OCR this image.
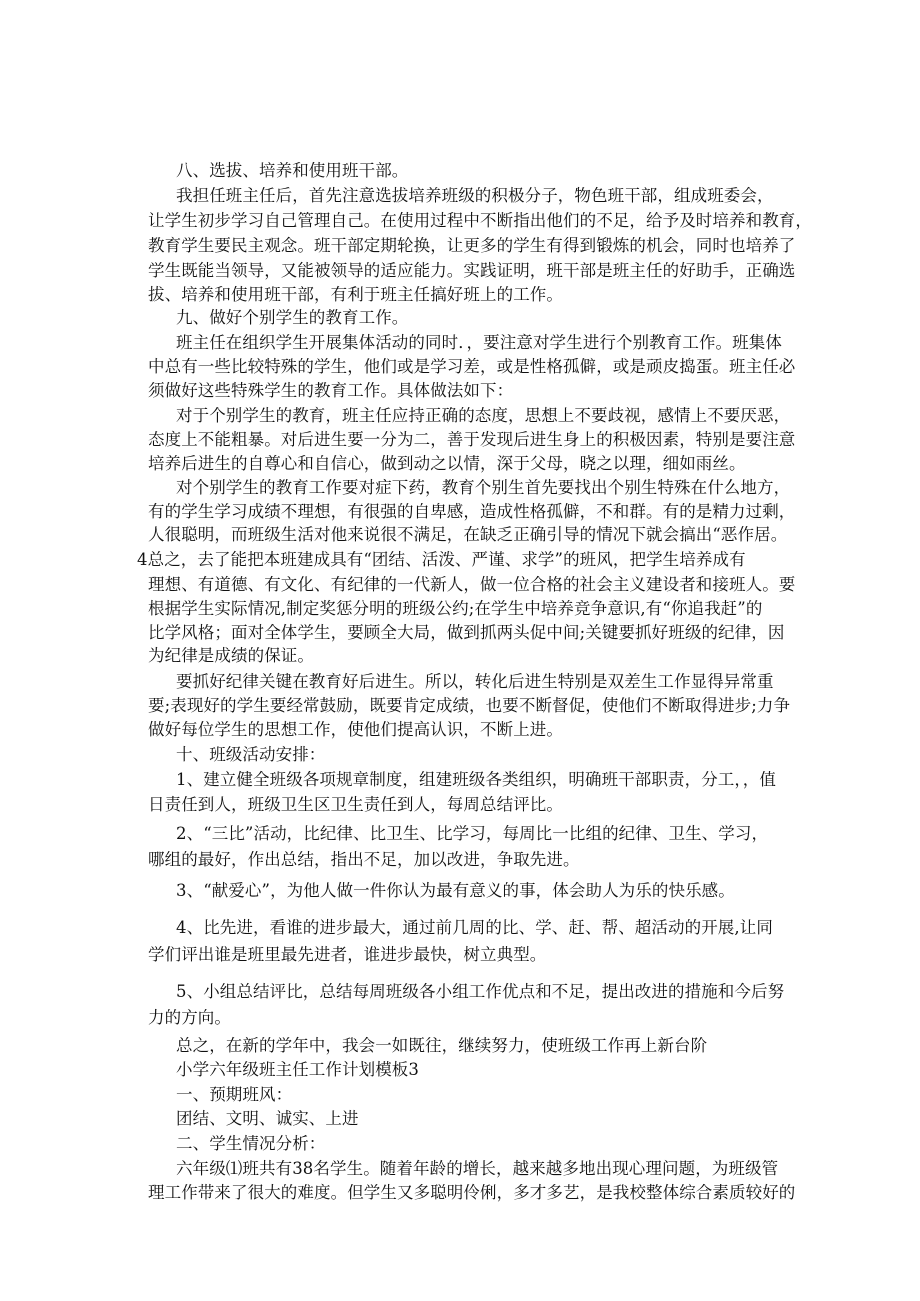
八、选拔、培养和使用班干部。
我担任班主任后，首先注意选拔培养班级的积极分子，物色班干部，组成班委会，
让学生初步学习自己管理自己。在使用过程中不断指出他们的不足，给予及时培养和教育，
教育学生要民主观念。班干部定期轮换，让更多的学生有得到锻炼的机会，同时也培养了
学生既能当领导，又能被领导的适应能力。实践证明，班干部是班主任的好助手，正确选
拔、培养和使用班干部，有利于班主任搞好班上的工作。
九、做好个别学生的教育工作。
班主任在组织学生开展集体活动的同时．，要注意对学生进行个别教育工作。班集体
中总有一些比较特殊的学生，他们或是学习差，或是性格孤僻，或是顽皮捣蛋。班主任必
须做好这些特殊学生的教育工作。具体做法如下：
对于个别学生的教育，班主任应持正确的态度，思想上不要歧视，感情上不要厌恶，
态度上不能粗暴。对后进生要一分为二，善于发现后进生身上的积极因素，特别是要注意
培养后进生的自尊心和自信心，做到动之以情，深于父母，晓之以理，细如雨丝。
对个别学生的教育工作要对症下药，教育个别生首先要找出个别生特殊在什么地方，
有的学生学习成绩不理想，有很强的自卑感，造成性格孤僻，不和群。有的是精力过剩，
人很聪明，而班级生活对他来说很不满足，在缺乏正确引导的情况下就会搞出“恶作居。
4总之，去了能把本班建成具有“团结、活泼、严谨、求学”的班风，把学生培养成有
理想、有道德、有文化、有纪律的一代新人，做一位合格的社会主义建设者和接班人。要
根据学生实际情况,制定奖惩分明的班级公约;在学生中培养竞争意识,有“你追我赶”的
比学风格；面对全体学生，要顾全大局，做到抓两头促中间;关键要抓好班级的纪律，因
为纪律是成绩的保证。
要抓好纪律关键在教育好后进生。所以，转化后进生特别是双差生工作显得异常重
要;表现好的学生要经常鼓励，既要肯定成绩，也要不断督促，使他们不断取得进步;力争
做好每位学生的思想工作，使他们提高认识，不断上进。
十、班级活动安排：
1、建立健全班级各项规章制度，组建班级各类组织，明确班干部职责，分工，，值
日责任到人，班级卫生区卫生责任到人，每周总结评比。
2、“三比”活动，比纪律、比卫生、比学习，每周比一比组的纪律、卫生、学习，
哪组的最好，作出总结，指出不足，加以改进，争取先进。
3、“献爱心”，为他人做一件你认为最有意义的事，体会助人为乐的快乐感。
4、比先进，看谁的进步最大，通过前几周的比、学、赶、帮、超活动的开展,让同
学们评出谁是班里最先进者，谁进步最快，树立典型。
5、小组总结评比，总结每周班级各小组工作优点和不足，提出改进的措施和今后努
力的方向。
总之，在新的学年中，我会一如既往，继续努力，使班级工作再上新台阶
小学六年级班主任工作计划模板3
一、预期班风：
团结、文明、诚实、上进
二、学生情况分析：
六年级⑴班共有38名学生。随着年龄的增长，越来越多地出现心理问题，为班级管
理工作带来了很大的难度。但学生又多聪明伶俐，多才多艺，是我校整体综合素质较好的
